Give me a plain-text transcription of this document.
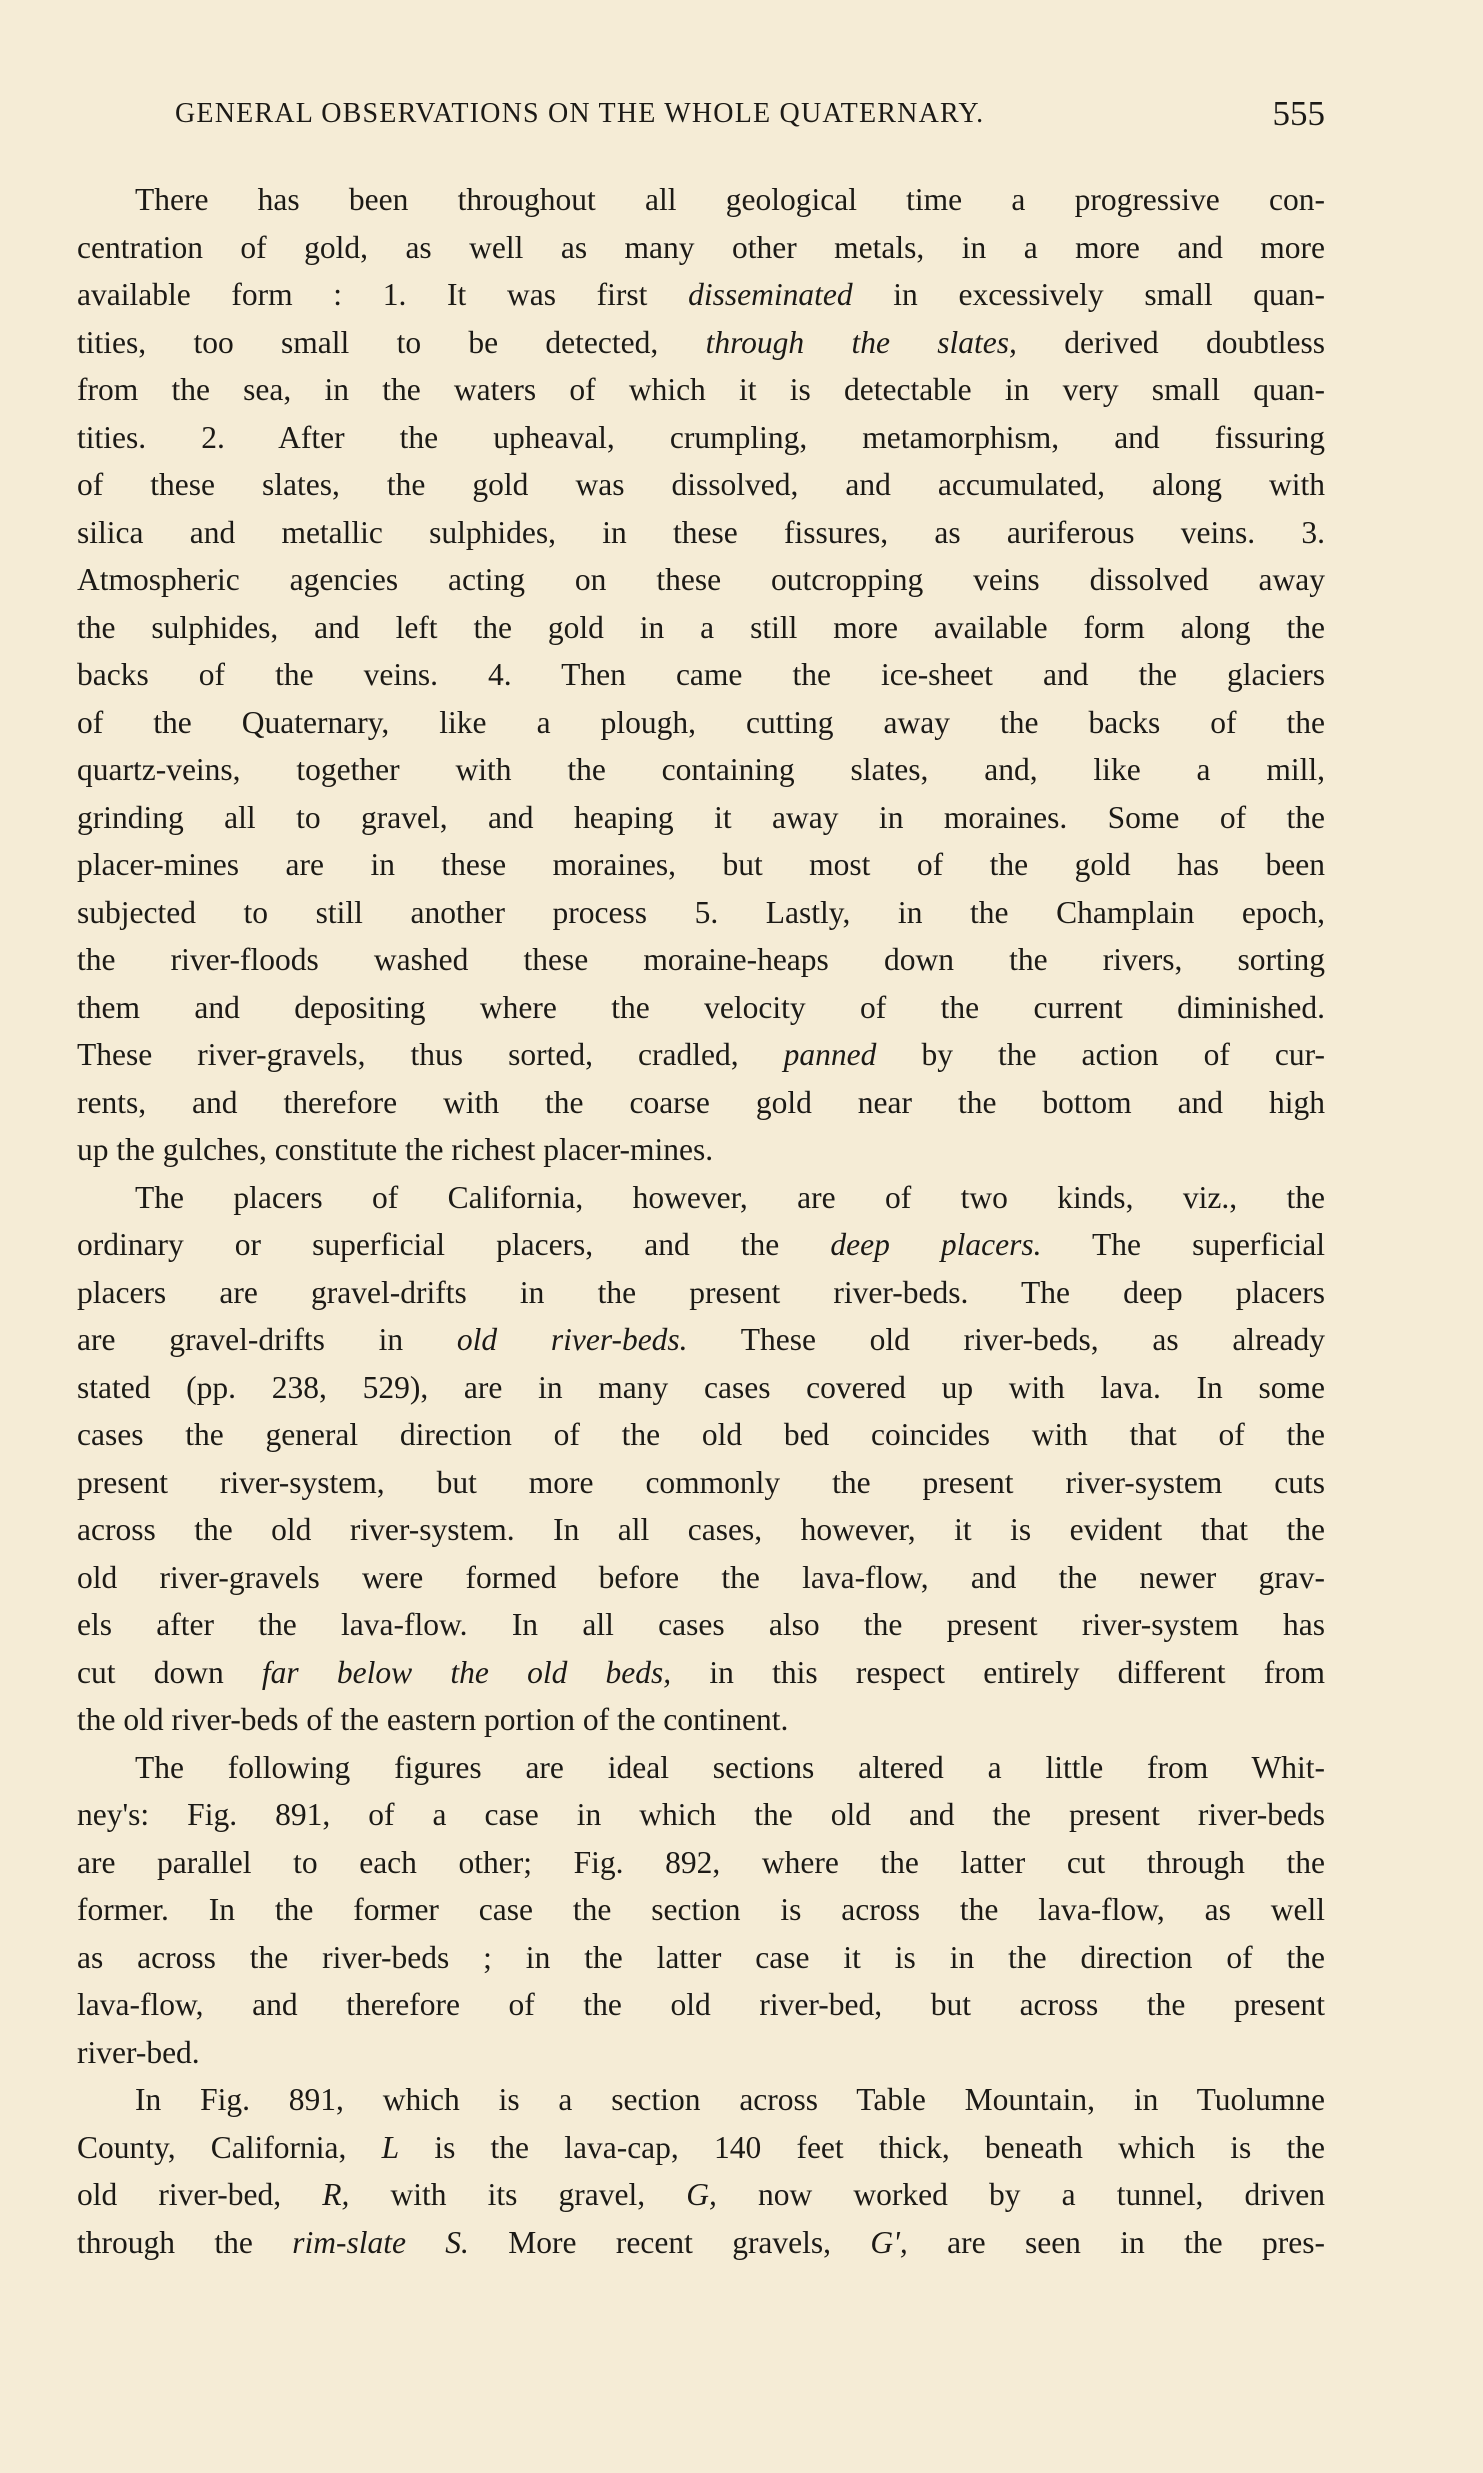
GENERAL OBSERVATIONS ON THE WHOLE QUATERNARY.	555
There has been throughout all geological time a progressive con-
centration of gold, as well as many other metals, in a more and more
available form : 1. It was first disseminated in excessively small quan-
tities, too small to be detected, through the slates, derived doubtless
from the sea, in the waters of which it is detectable in very small quan-
tities. 2. After the upheaval, crumpling, metamorphism, and fissuring
of these slates, the gold was dissolved, and accumulated, along with
silica and metallic sulphides, in these fissures, as auriferous veins. 3.
Atmospheric agencies acting on these outcropping veins dissolved away
the sulphides, and left the gold in a still more available form along the
backs of the veins. 4. Then came the ice-sheet and the glaciers
of the Quaternary, like a plough, cutting away the backs of the
quartz-veins, together with the containing slates, and, like a mill,
grinding all to gravel, and heaping it away in moraines. Some of the
placer-mines are in these moraines, but most of the gold has been
subjected to still another process 5. Lastly, in the Champlain epoch,
the river-floods washed these moraine-heaps down the rivers, sorting
them and depositing where the velocity of the current diminished.
These river-gravels, thus sorted, cradled, panned by the action of cur-
rents, and therefore with the coarse gold near the bottom and high
up the gulches, constitute the richest placer-mines.
The placers of California, however, are of two kinds, viz., the
ordinary or superficial placers, and the deep placers. The superficial
placers are gravel-drifts in the present river-beds. The deep placers
are gravel-drifts in old river-beds. These old river-beds, as already
stated (pp. 238, 529), are in many cases covered up with lava. In some
cases the general direction of the old bed coincides with that of the
present river-system, but more commonly the present river-system cuts
across the old river-system. In all cases, however, it is evident that the
old river-gravels were formed before the lava-flow, and the newer grav-
els after the lava-flow. In all cases also the present river-system has
cut down far below the old beds, in this respect entirely different from
the old river-beds of the eastern portion of the continent.
The following figures are ideal sections altered a little from Whit-
ney's: Fig. 891, of a case in which the old and the present river-beds
are parallel to each other; Fig. 892, where the latter cut through the
former. In the former case the section is across the lava-flow, as well
as across the river-beds ; in the latter case it is in the direction of the
lava-flow, and therefore of the old river-bed, but across the present
river-bed.
In Fig. 891, which is a section across Table Mountain, in Tuolumne
County, California, L is the lava-cap, 140 feet thick, beneath which is the
old river-bed, R, with its gravel, G, now worked by a tunnel, driven
through the rim-slate S. More recent gravels, G', are seen in the pres-
